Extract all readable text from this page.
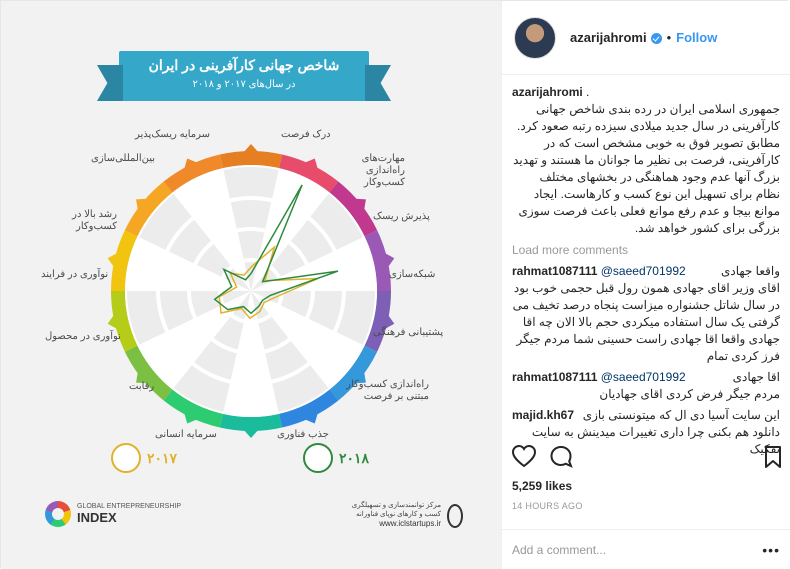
شاخص جهانی کارآفرینی در ایران
در سال‌های ۲۰۱۷ و ۲۰۱۸
درک فرصت
مهارت‌های راه‌اندازی کسب‌وکار
پذیرش ریسک
شبکه‌سازی
پشتیبانی فرهنگی
راه‌اندازی کسب‌وکار مبتنی بر فرصت
جذب فناوری
سرمایه انسانی
رقابت
نوآوری در محصول
نوآوری در فرایند
رشد بالا در کسب‌وکار
بین‌المللی‌سازی
سرمایه ریسک‌پذیر
۲۰۱۷	۲۰۱۸
GLOBAL ENTREPRENEURSHIP
INDEX
مرکز توانمندسازی و تسهیلگری
کسب و کارهای نوپای فناورانه
www.iclstartups.ir
azarijahromi • Follow
azarijahromi .
جمهوری اسلامی ایران در رده بندی شاخص جهانی کارآفرینی در سال جدید میلادی سیزده رتبه صعود کرد. مطابق تصویر فوق به خوبی مشخص است که در کارآفرینی، فرصت بی نظیر ما جوانان ما هستند و تهدید بزرگ آنها عدم وجود هماهنگی در بخشهای مختلف نظام برای تسهیل این نوع کسب و کارهاست. ایجاد موانع بیجا و عدم رفع موانع فعلی باعث فرصت سوزی بزرگی برای کشور خواهد شد.
Load more comments
rahmat1087111 @saeed701992	واقعا جهادی
اقای وزیر اقای جهادی همون رول قبل حجمی خوب بود در سال شاتل جشنواره میزاست پنجاه درصد تخیف می گرفتی یک سال استفاده میکردی حجم بالا الان چه اقا جهادی واقعا اقا جهادی راست حسینی شما مردم جیگر فرز کردی تمام
rahmat1087111 @saeed701992	اقا جهادی
مردم جیگر فرض کردی اقای جهادیان
majid.kh67 این سایت آسیا دی ال که میتونستی بازی
دانلود هم بکنی چرا داری تغییرات میدینش به سایت تفکیک
5,259 likes
14 HOURS AGO
Add a comment...
•••
